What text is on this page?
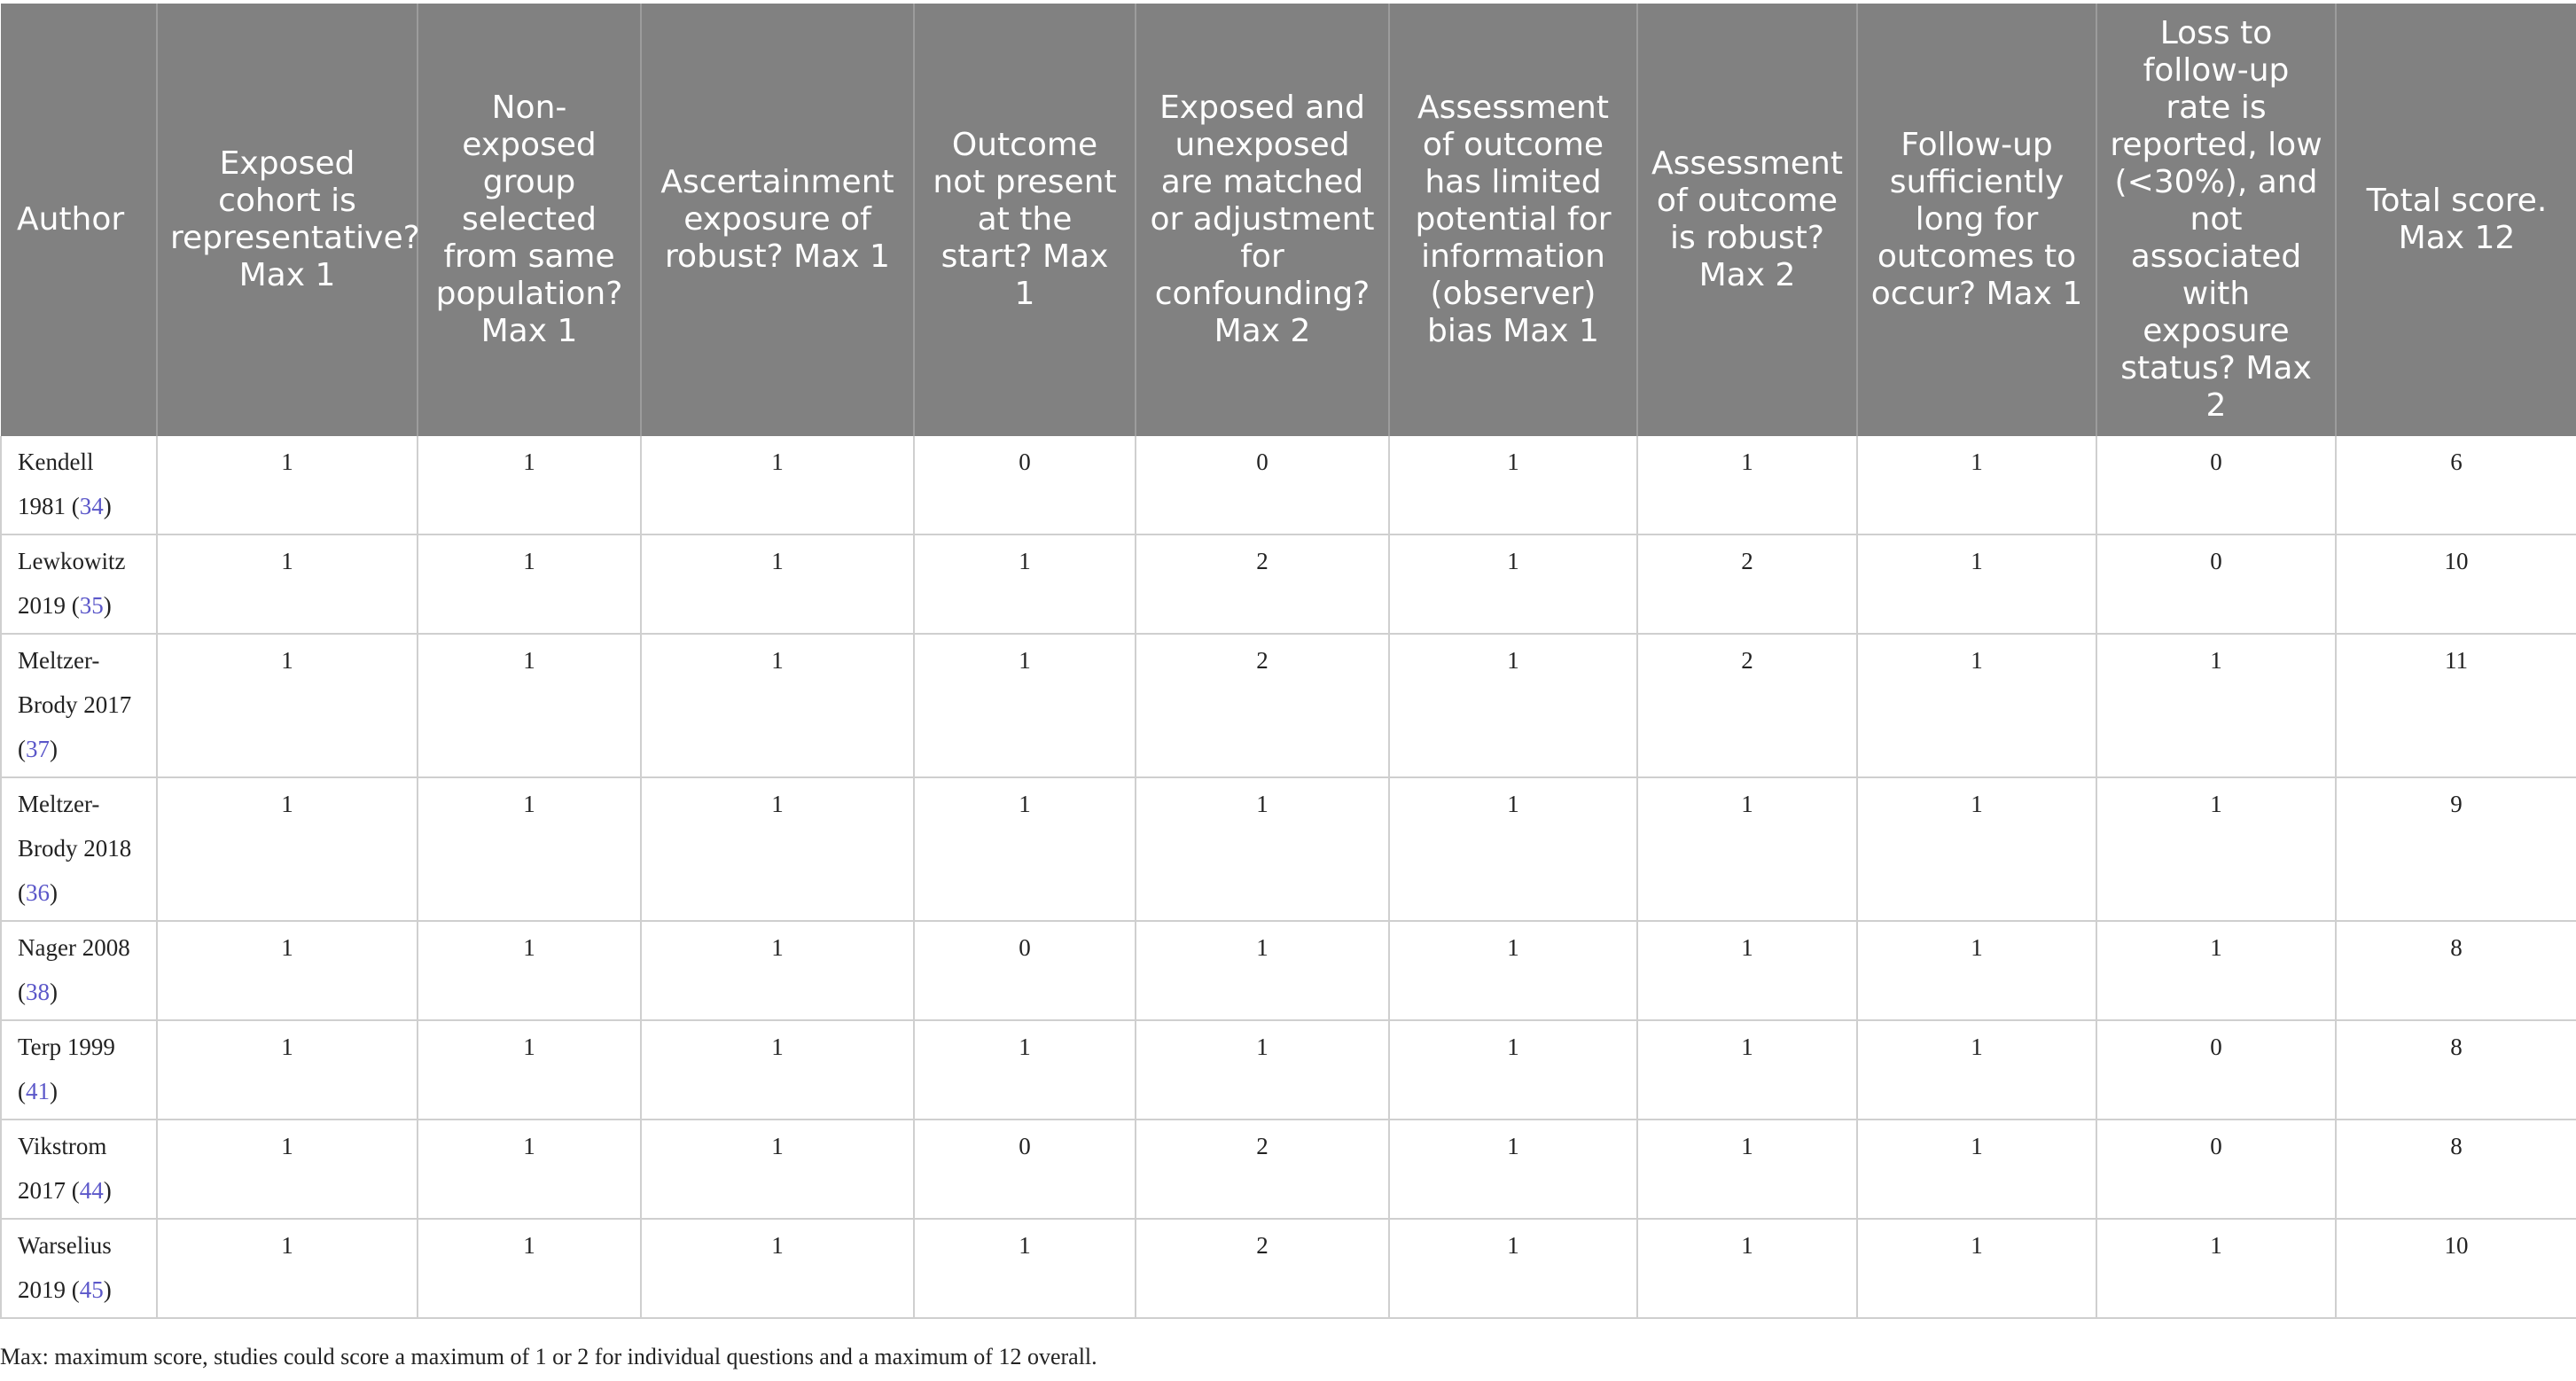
Author	Exposed cohort is representative? Max 1	Non-exposed group selected from same population? Max 1	Ascertainment exposure of robust? Max 1	Outcome not present at the start? Max 1	Exposed and unexposed are matched or adjustment for confounding? Max 2	Assessment of outcome has limited potential for information (observer) bias Max 1	Assessment of outcome is robust? Max 2	Follow-up sufficiently long for outcomes to occur? Max 1	Loss to follow-up rate is reported, low (<30%), and not associated with exposure status? Max 2	Total score. Max 12
Kendell 1981 (34)	1	1	1	0	0	1	1	1	0	6
Lewkowitz 2019 (35)	1	1	1	1	2	1	2	1	0	10
Meltzer-Brody 2017 (37)	1	1	1	1	2	1	2	1	1	11
Meltzer-Brody 2018 (36)	1	1	1	1	1	1	1	1	1	9
Nager 2008 (38)	1	1	1	0	1	1	1	1	1	8
Terp 1999 (41)	1	1	1	1	1	1	1	1	0	8
Vikstrom 2017 (44)	1	1	1	0	2	1	1	1	0	8
Warselius 2019 (45)	1	1	1	1	2	1	1	1	1	10
Max: maximum score, studies could score a maximum of 1 or 2 for individual questions and a maximum of 12 overall.
